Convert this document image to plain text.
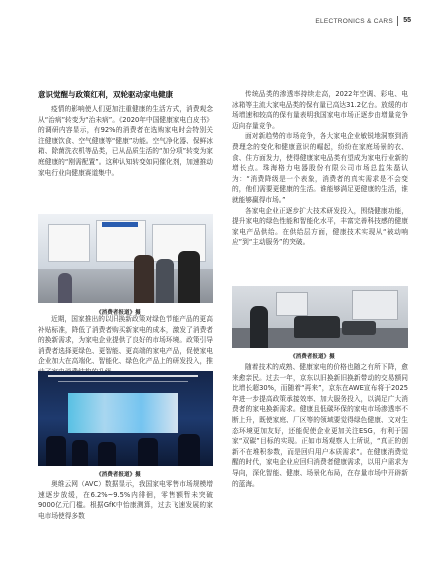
ELECTRONICS & CARS 55
意识觉醒与政策红利，双轮驱动家电健康

疫情的影响使人们更加注重健康的生活方式，消费观念从“治病”转变为“治未病”。《2020年中国健康家电白皮书》的调研内容显示，有92%的消费者在选购家电时会特别关注健康饮食、空气健康等“健康”功能。空气净化器、保鲜冰箱、除菌洗衣机等品类，已从品质生活的“加分项”转变为家庭健康的“刚需配置”。这种认知转变如同催化剂，加速推动家电行业向健康赛道集中。

《消费者报道》摄

近期，国家推出的以旧换新政策对绿色节能产品的更高补贴标准，降低了消费者购买新家电的成本，激发了消费者的换新需求，为家电企业提供了良好的市场环境。政策引导消费者选择更绿色、更智能、更高端的家电产品，促使家电企业加大在高端化、智能化、绿色化产品上的研发投入，推

《消费者报道》摄

奥维云网（AVC）数据显示，我国家电零售市场规模增速逐步放缓，在6.2%~9.5%内徘徊，零售额暂未突破9000亿元门槛。根据GfK中怡康测算，过去飞速发展的家电市场使得多数

传统品类的渗透率持续走高，2022年空调、彩电、电冰箱等主流大家电品类的保有量已高达31.2亿台。放缓的市场增速和较高的保有量表明我国家电市场正逐步由增量竞争迈向存量竞争。

面对新趋势的市场竞争，各大家电企业敏锐地洞察到消费理念的变化和健康意识的崛起，纷纷在家庭场景的衣、食、住方面发力，使得健康家电品类有望成为家电行业新的增长点。珠海格力电器股份有限公司市场总监朱磊认为：“消费降级是一个表象，消费者的真实需求是不会变的，他们需要更健康的生活。谁能够满足更健康的生活，谁就能够赢得市场。”

各家电企业正逐步扩大技术研发投入，围绕健康功能，提升家电的绿色性能和智能化水平，丰富完善科技感的健康家电产品供给。在供给层方面，健康技术实现从“被动响应”到“主动服务”的突破。

《消费者报道》摄

随着技术的成熟、健康家电的价格也随之有所下降，愈来愈亲民。过去一年，京东以旧换新旧换新带动的交易额同比增长超30%，而随着“再来”，京东在AWE宣布将于2025年进一步提高政策承接效率、加大服务投入，以满足广大消费者的家电换新需求。健康且低碳环保的家电市场渗透率不断上升，既使家庭、厂区等的领域要觉得绿色健康、文对生态环境更加友好，还能促使企业更加关注ESG，有利于国家“双碳”目标的实现。正如市场观察人士所说，“真正的创新不在堆积参数，而是回归用户本质需求”。在健康消费觉醒的时代，家电企业应回归消费者健康需求，以用户需求为导向，深化智能、健康、场景化布局，在存量市场中开辟新的蓝海。
